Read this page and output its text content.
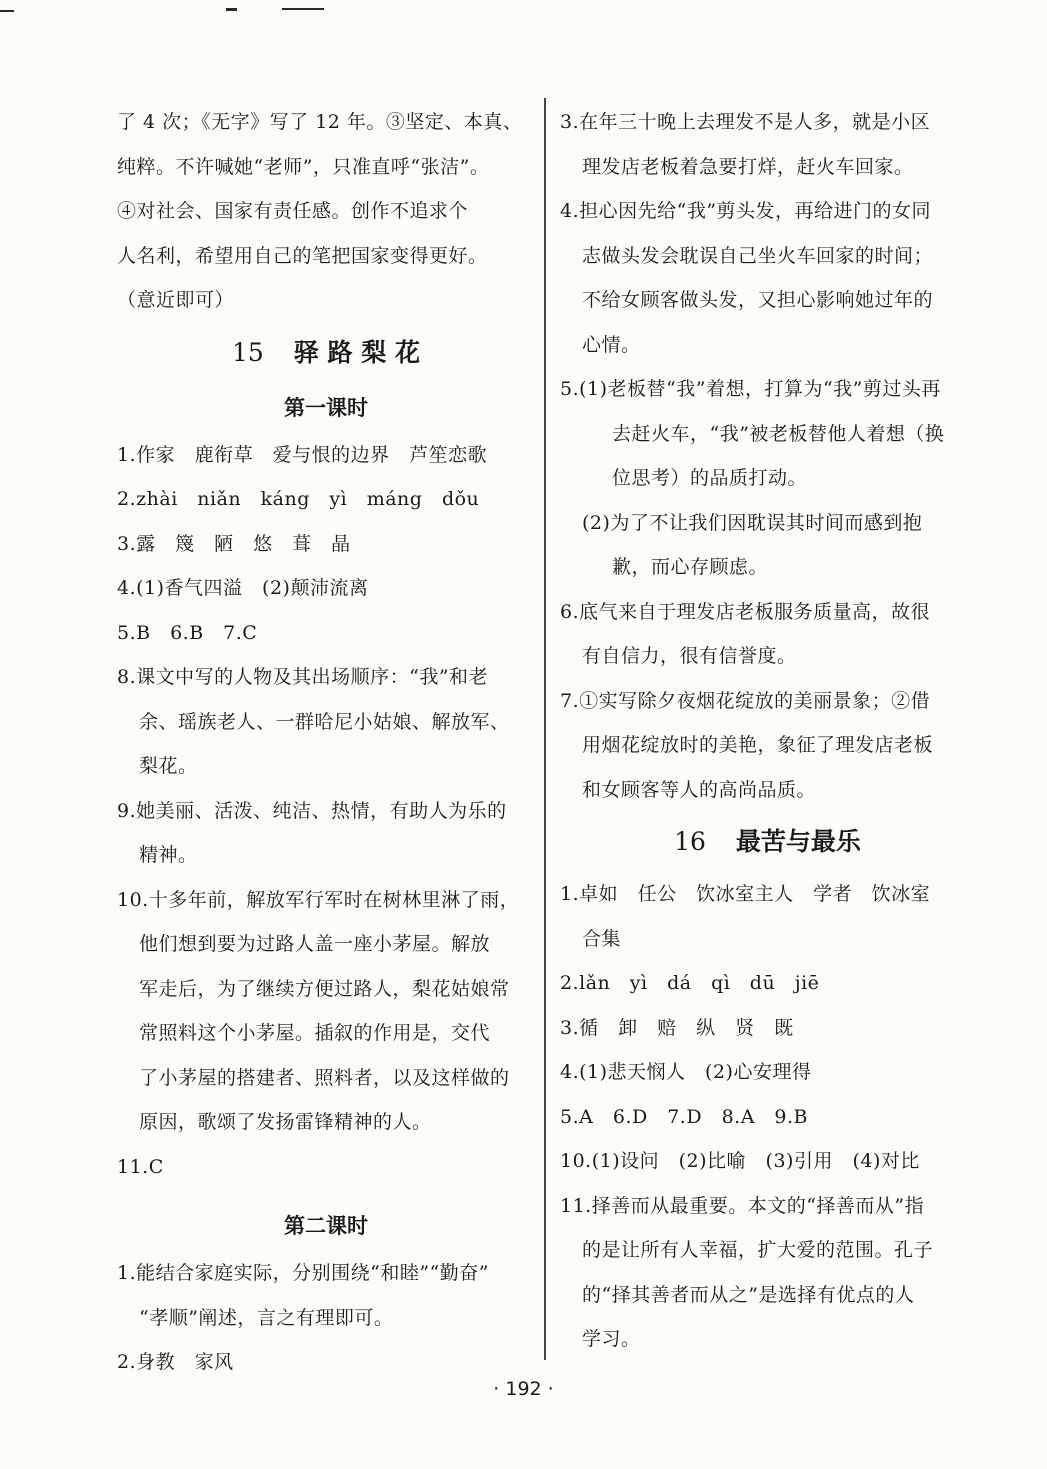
了 4 次；《无字》写了 12 年。③坚定、本真、
纯粹。不许喊她“老师”，只准直呼“张洁”。
④对社会、国家有责任感。创作不追求个
人名利，希望用自己的笔把国家变得更好。
（意近即可）
15 驿 路 梨 花
第一课时
1.作家　鹿衔草　爱与恨的边界　芦笙恋歌
2.zhài　niǎn　káng　yì　máng　dǒu
3.露　篾　陋　悠　葺　晶
4.(1)香气四溢　(2)颠沛流离
5.B　6.B　7.C
8.课文中写的人物及其出场顺序：“我”和老
余、瑶族老人、一群哈尼小姑娘、解放军、
梨花。
9.她美丽、活泼、纯洁、热情，有助人为乐的
精神。
10.十多年前，解放军行军时在树林里淋了雨，
他们想到要为过路人盖一座小茅屋。解放
军走后，为了继续方便过路人，梨花姑娘常
常照料这个小茅屋。插叙的作用是，交代
了小茅屋的搭建者、照料者，以及这样做的
原因，歌颂了发扬雷锋精神的人。
11.C
第二课时
1.能结合家庭实际，分别围绕“和睦”“勤奋”
“孝顺”阐述，言之有理即可。
2.身教　家风
3.在年三十晚上去理发不是人多，就是小区
理发店老板着急要打烊，赶火车回家。
4.担心因先给“我”剪头发，再给进门的女同
志做头发会耽误自己坐火车回家的时间；
不给女顾客做头发，又担心影响她过年的
心情。
5.(1)老板替“我”着想，打算为“我”剪过头再
去赶火车，“我”被老板替他人着想（换
位思考）的品质打动。
(2)为了不让我们因耽误其时间而感到抱
歉，而心存顾虑。
6.底气来自于理发店老板服务质量高，故很
有自信力，很有信誉度。
7.①实写除夕夜烟花绽放的美丽景象；②借
用烟花绽放时的美艳，象征了理发店老板
和女顾客等人的高尚品质。
16 最苦与最乐
1.卓如　任公　饮冰室主人　学者　饮冰室
合集
2.lǎn　yì　dá　qì　dū　jiē
3.循　卸　赔　纵　贤　既
4.(1)悲天悯人　(2)心安理得
5.A　6.D　7.D　8.A　9.B
10.(1)设问　(2)比喻　(3)引用　(4)对比
11.择善而从最重要。本文的“择善而从”指
的是让所有人幸福，扩大爱的范围。孔子
的“择其善者而从之”是选择有优点的人
学习。
· 192 ·
